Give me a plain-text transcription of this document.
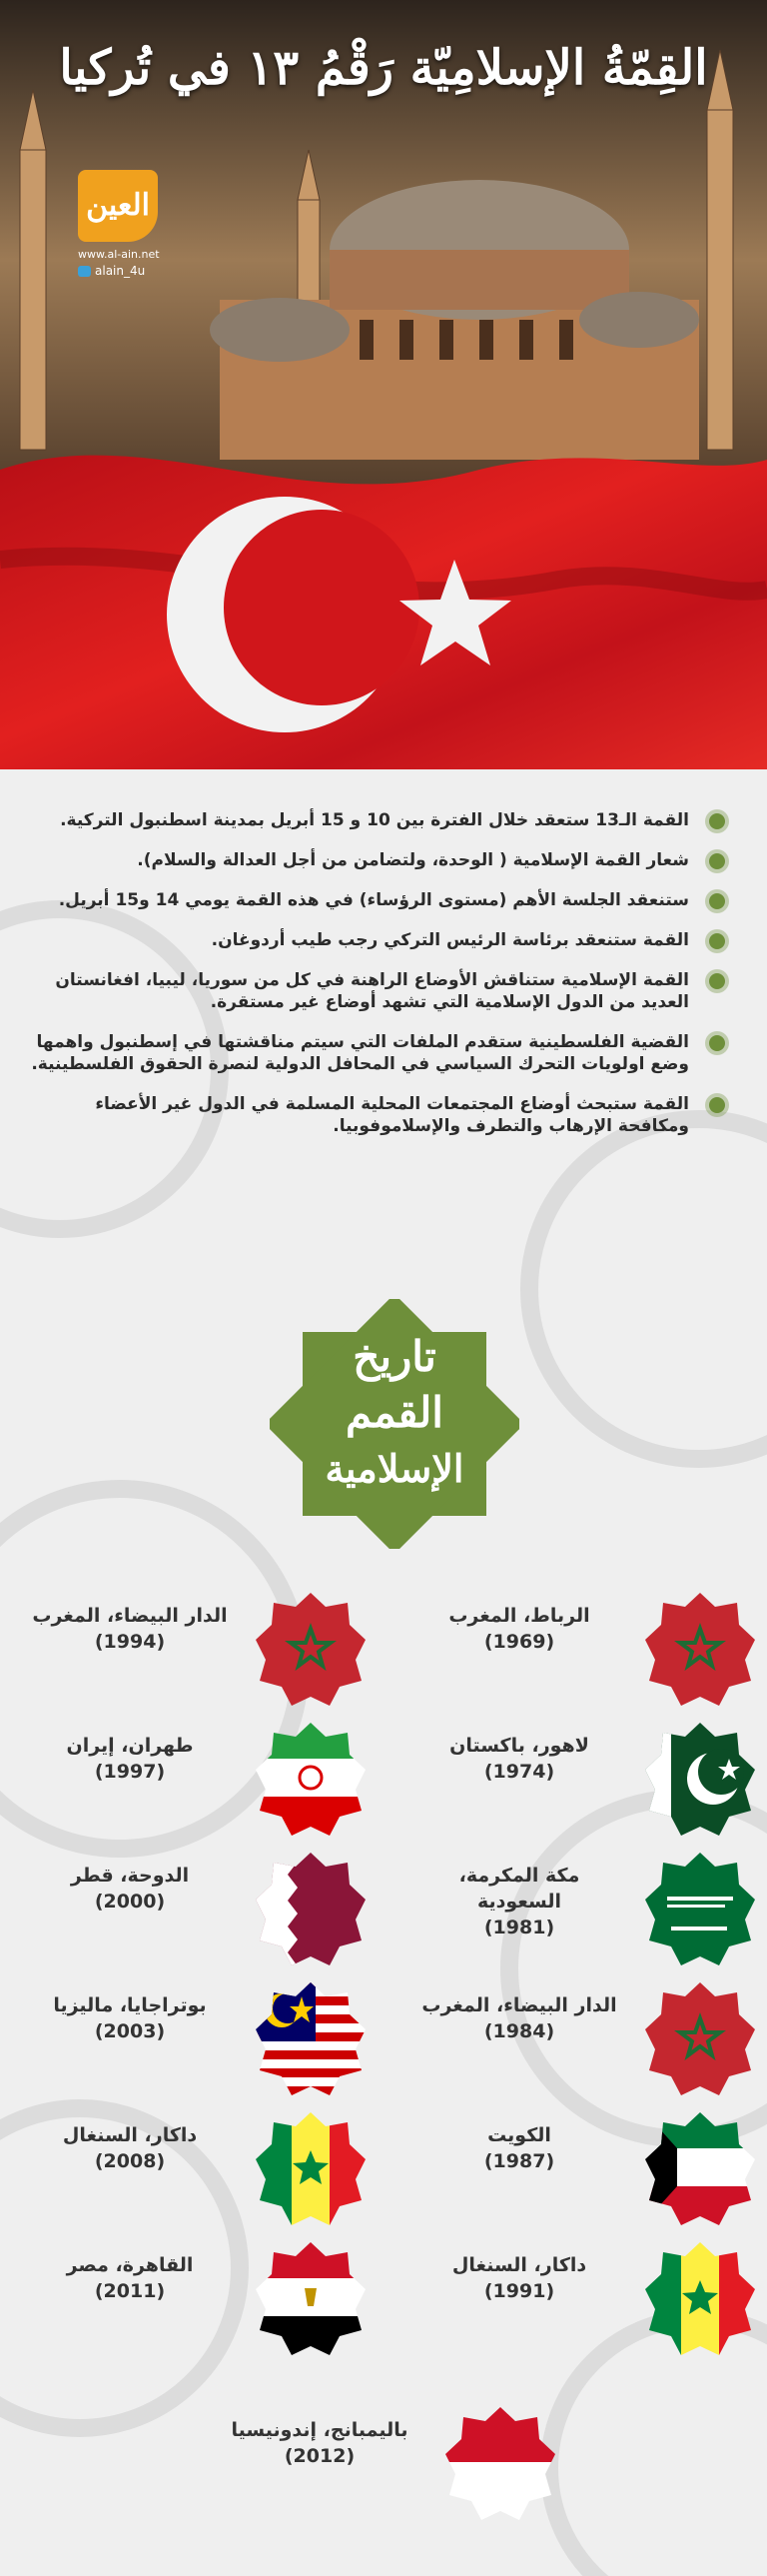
القِمّةُ الإسلامِيّة رَقْمُ ١٣ في تُركيا
العين
www.al-ain.net
alain_4u
القمة الـ13 ستعقد خلال الفترة بين 10 و 15 أبريل بمدينة اسطنبول التركية.
شعار القمة الإسلامية ( الوحدة، ولتضامن من أجل العدالة والسلام).
ستنعقد الجلسة الأهم (مستوى الرؤساء) في هذه القمة يومي 14 و15 أبريل.
القمة ستنعقد برئاسة الرئيس التركي رجب طيب أردوغان.
القمة الإسلامية ستناقش الأوضاع الراهنة في كل من سوريا، ليبيا، افغانستان العديد من الدول الإسلامية التي تشهد أوضاع غير مستقرة.
القضية الفلسطينية ستقدم الملفات التي سيتم مناقشتها في إسطنبول واهمها وضع اولويات التحرك السياسي في المحافل الدولية لنصرة الحقوق الفلسطينية.
القمة ستبحث أوضاع المجتمعات المحلية المسلمة في الدول غير الأعضاء ومكافحة الإرهاب والتطرف والإسلاموفوبيا.
تاريخ
القمم
الإسلامية
الرباط، المغرب
(1969)
الدار البيضاء، المغرب
(1994)
لاهور، باكستان
(1974)
طهران، إيران
(1997)
مكة المكرمة، السعودية
(1981)
الدوحة، قطر
(2000)
الدار البيضاء، المغرب
(1984)
بوتراجايا، ماليزيا
(2003)
الكويت
(1987)
داكار، السنغال
(2008)
داكار، السنغال
(1991)
القاهرة، مصر
(2011)
باليمبانج، إندونيسيا
(2012)
